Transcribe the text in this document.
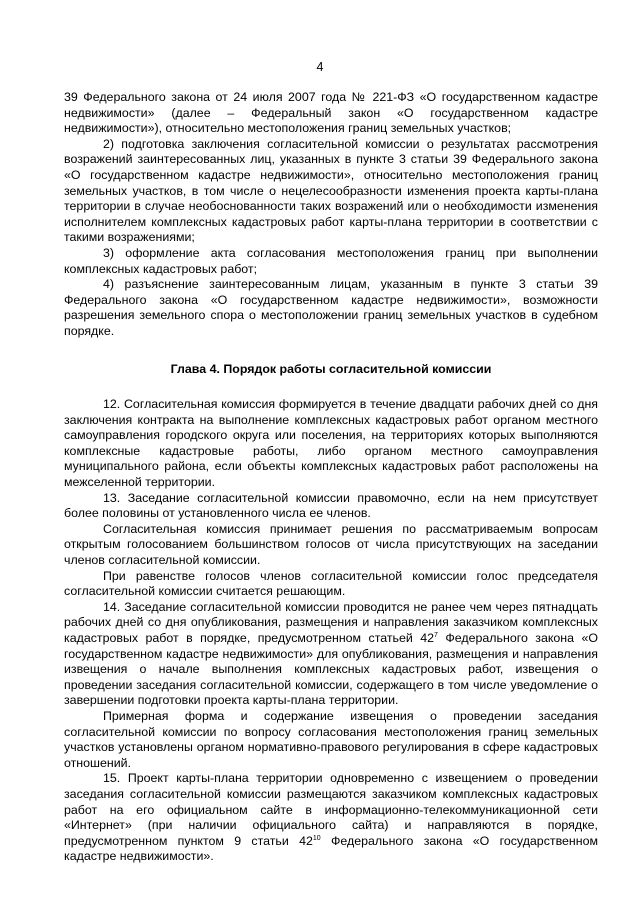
4

39 Федерального закона от 24 июля 2007 года № 221-ФЗ «О государственном кадастре недвижимости» (далее – Федеральный закон «О государственном кадастре недвижимости»), относительно местоположения границ земельных участков;

2) подготовка заключения согласительной комиссии о результатах рассмотрения возражений заинтересованных лиц, указанных в пункте 3 статьи 39 Федерального закона «О государственном кадастре недвижимости», относительно местоположения границ земельных участков, в том числе о нецелесообразности изменения проекта карты-плана территории в случае необоснованности таких возражений или о необходимости изменения исполнителем комплексных кадастровых работ карты-плана территории в соответствии с такими возражениями;

3) оформление акта согласования местоположения границ при выполнении комплексных кадастровых работ;

4) разъяснение заинтересованным лицам, указанным в пункте 3 статьи 39 Федерального закона «О государственном кадастре недвижимости», возможности разрешения земельного спора о местоположении границ земельных участков в судебном порядке.

Глава 4. Порядок работы согласительной комиссии

12. Согласительная комиссия формируется в течение двадцати рабочих дней со дня заключения контракта на выполнение комплексных кадастровых работ органом местного самоуправления городского округа или поселения, на территориях которых выполняются комплексные кадастровые работы, либо органом местного самоуправления муниципального района, если объекты комплексных кадастровых работ расположены на межселенной территории.

13. Заседание согласительной комиссии правомочно, если на нем присутствует более половины от установленного числа ее членов.

Согласительная комиссия принимает решения по рассматриваемым вопросам открытым голосованием большинством голосов от числа присутствующих на заседании членов согласительной комиссии.

При равенстве голосов членов согласительной комиссии голос председателя согласительной комиссии считается решающим.

14. Заседание согласительной комиссии проводится не ранее чем через пятнадцать рабочих дней со дня опубликования, размещения и направления заказчиком комплексных кадастровых работ в порядке, предусмотренном статьей $42^7$ Федерального закона «О государственном кадастре недвижимости» для опубликования, размещения и направления извещения о начале выполнения комплексных кадастровых работ, извещения о проведении заседания согласительной комиссии, содержащего в том числе уведомление о завершении подготовки проекта карты-плана территории.

Примерная форма и содержание извещения о проведении заседания согласительной комиссии по вопросу согласования местоположения границ земельных участков установлены органом нормативно-правового регулирования в сфере кадастровых отношений.

15. Проект карты-плана территории одновременно с извещением о проведении заседания согласительной комиссии размещаются заказчиком комплексных кадастровых работ на его официальном сайте в информационно-телекоммуникационной сети «Интернет» (при наличии официального сайта) и направляются в порядке, предусмотренном пунктом 9 статьи $42^{10}$ Федерального закона «О государственном кадастре недвижимости».
